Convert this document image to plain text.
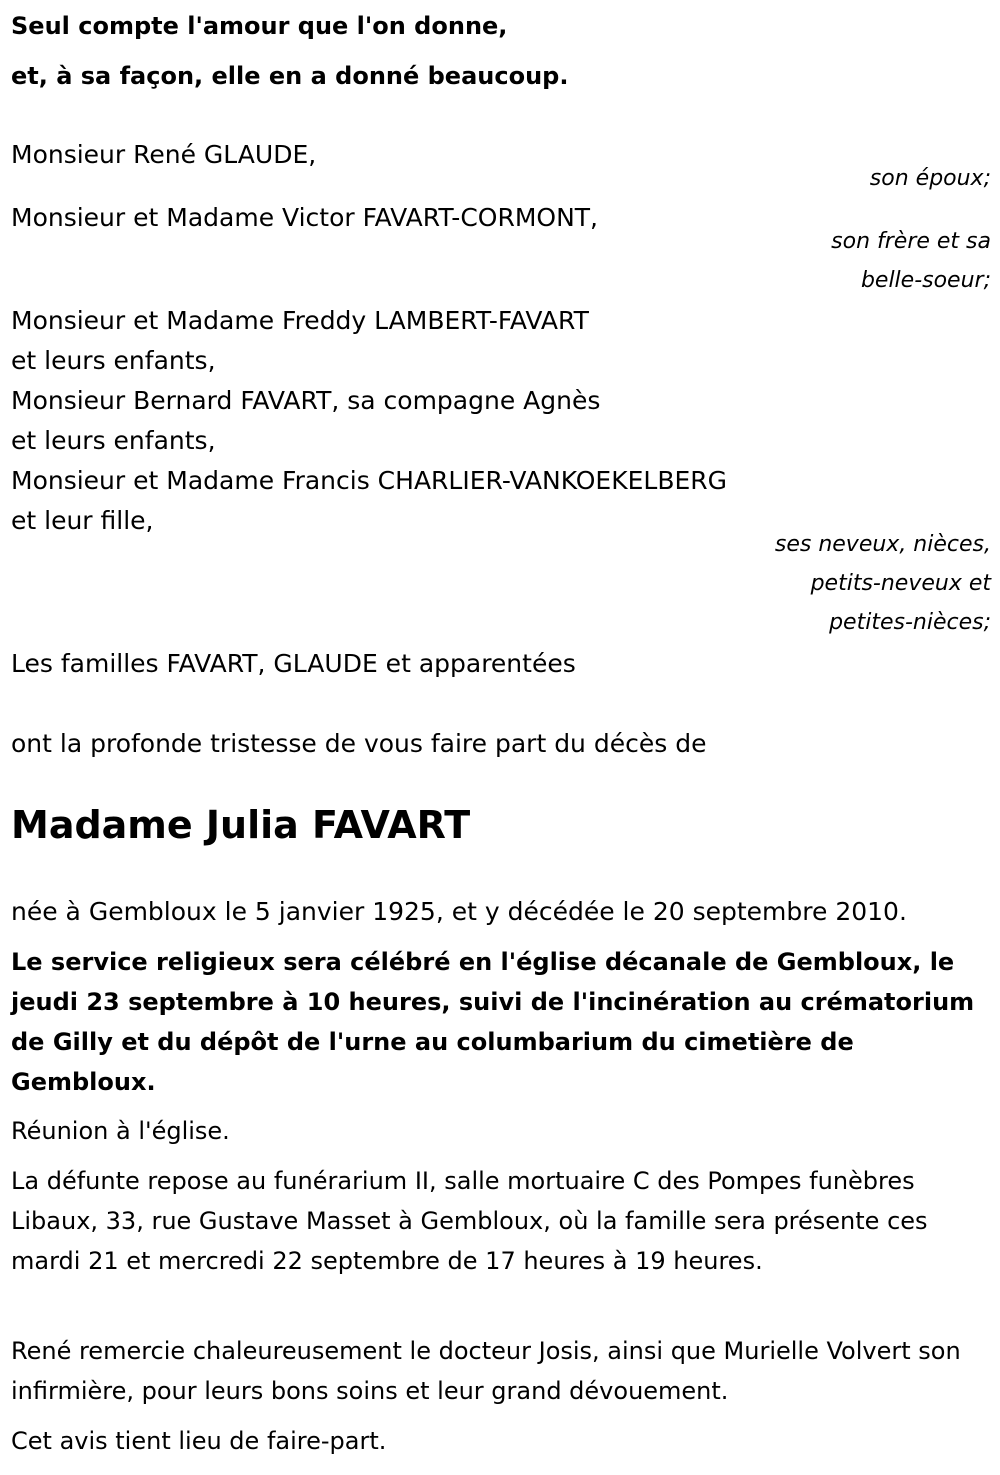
Seul compte l'amour que l'on donne,
et, à sa façon, elle en a donné beaucoup.
Monsieur René GLAUDE,
son époux;
Monsieur et Madame Victor FAVART-CORMONT,
son frère et sa
belle-soeur;
Monsieur et Madame Freddy LAMBERT-FAVART
et leurs enfants,
Monsieur Bernard FAVART, sa compagne Agnès
et leurs enfants,
Monsieur et Madame Francis CHARLIER-VANKOEKELBERG
et leur fille,
ses neveux, nièces,
petits-neveux et
petites-nièces;
Les familles FAVART, GLAUDE et apparentées
ont la profonde tristesse de vous faire part du décès de
Madame Julia FAVART
née à Gembloux le 5 janvier 1925, et y décédée le 20 septembre 2010.
Le service religieux sera célébré en l'église décanale de Gembloux, le jeudi 23 septembre à 10 heures, suivi de l'incinération au crématorium de Gilly et du dépôt de l'urne au columbarium du cimetière de Gembloux.
Réunion à l'église.
La défunte repose au funérarium II, salle mortuaire C des Pompes funèbres Libaux, 33, rue Gustave Masset à Gembloux, où la famille sera présente ces mardi 21 et mercredi 22 septembre de 17 heures à 19 heures.
René remercie chaleureusement le docteur Josis, ainsi que Murielle Volvert son infirmière, pour leurs bons soins et leur grand dévouement.
Cet avis tient lieu de faire-part.
